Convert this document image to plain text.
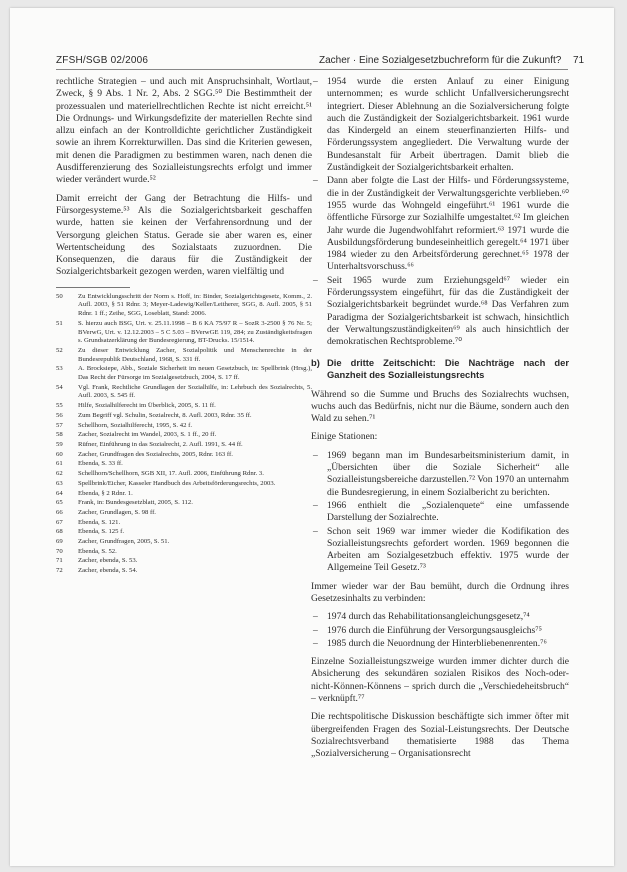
ZFSH/SGB 02/2006	Zacher · Eine Sozialgesetzbuchreform für die Zukunft? 71

rechtliche Strategien – und auch mit Anspruchsinhalt, Wortlaut, Zweck, § 9 Abs. 1 Nr. 2, Abs. 2 SGG.⁵⁰ Die Bestimmtheit der prozessualen und materiellrechtlichen Rechte ist nicht erreicht.⁵¹ Die Ordnungs- und Wirkungsdefizite der materiellen Rechte sind allzu einfach an der Kontrolldichte gerichtlicher Zuständigkeit sowie an ihrem Korrekturwillen. Das sind die Kriterien gewesen, mit denen die Paradigmen zu bestimmen waren, nach denen die Ausdifferenzierung des Sozialleistungsrechts erfolgt und immer wieder verändert wurde.⁵²

Damit erreicht der Gang der Betrachtung die Hilfs- und Fürsorgesysteme.⁵³ Als die Sozialgerichtsbarkeit geschaffen wurde, hatten sie keinen der Verfahrensordnung und der Versorgung gleichen Status. Gerade sie aber waren es, einer Wertentscheidung des Sozialstaats zuzuordnen. Die Konsequenzen, die daraus für die Zuständigkeit der Sozialgerichtsbarkeit gezogen werden, waren vielfältig und

50 Zu Entwicklungsschritt der Norm s. Hoff, in: Binder, Sozialgerichtsgesetz, Komm., 2. Aufl. 2003, § 51 Rdnr. 3; Meyer-Ladewig/Keller/Leitherer, SGG, 8. Aufl. 2005, § 51 Rdnr. 1 ff.; Zeihe, SGG, Loseblatt, Stand: 2006.
51 S. hierzu auch BSG, Urt. v. 25.11.1998 – B 6 KA 75/97 R – SozR 3-2500 § 76 Nr. 5; BVerwG, Urt. v. 12.12.2003 – 5 C 5.03 – BVerwGE 119, 284; zu Zuständigkeitsfragen s. Grundsatzerklärung der Bundesregierung, BT-Drucks. 15/1514.
52 Zu dieser Entwicklung Zacher, Sozialpolitik und Menschenrechte in der Bundesrepublik Deutschland, 1968, S. 331 ff.
53 A. Brocksiepe, Abb., Soziale Sicherheit im neuen Gesetzbuch, in: Spellbrink (Hrsg.), Das Recht der Fürsorge im Sozialgesetzbuch, 2004, S. 17 ff.
54 Vgl. Frank, Rechtliche Grundlagen der Sozialhilfe, in: Lehrbuch des Sozialrechts, 5. Aufl. 2003, S. 545 ff.
55 Hilfe, Sozialhilferecht im Überblick, 2005, S. 11 ff.
56 Zum Begriff vgl. Schulin, Sozialrecht, 8. Aufl. 2003, Rdnr. 35 ff.
57 Schellhorn, Sozialhilferecht, 1995, S. 42 f.
58 Zacher, Sozialrecht im Wandel, 2003, S. 1 ff., 20 ff.
59 Rüfner, Einführung in das Sozialrecht, 2. Aufl. 1991, S. 44 ff.
60 Zacher, Grundfragen des Sozialrechts, 2005, Rdnr. 163 ff.
61 Ebenda, S. 33 ff.
62 Schellhorn/Schellhorn, SGB XII, 17. Aufl. 2006, Einführung Rdnr. 3.
63 Spellbrink/Eicher, Kasseler Handbuch des Arbeitsförderungsrechts, 2003.
64 Ebenda, § 2 Rdnr. 1.
65 Frank, in: Bundesgesetzblatt, 2005, S. 112.
66 Zacher, Grundlagen, S. 98 ff.
67 Ebenda, S. 121.
68 Ebenda, S. 125 f.
69 Zacher, Grundfragen, 2005, S. 51.
70 Ebenda, S. 52.
71 Zacher, ebenda, S. 53.
72 Zacher, ebenda, S. 54.
– 1954 wurde die ersten Anlauf zu einer Einigung unternommen; es wurde schlicht Unfallversicherungsrecht integriert. Dieser Ablehnung an die Sozialversicherung folgte auch die Zuständigkeit der Sozialgerichtsbarkeit. 1961 wurde das Kindergeld an einem steuerfinanzierten Hilfs- und Förderungssystem angegliedert. Die Verwaltung wurde der Bundesanstalt für Arbeit übertragen. Damit blieb die Zuständigkeit der Sozialgerichtsbarkeit erhalten.
– Dann aber folgte die Last der Hilfs- und Förderungssysteme, die in der Zuständigkeit der Verwaltungsgerichte verblieben.⁶⁰ 1955 wurde das Wohngeld eingeführt.⁶¹ 1961 wurde die öffentliche Fürsorge zur Sozialhilfe umgestaltet.⁶² Im gleichen Jahr wurde die Jugendwohlfahrt reformiert.⁶³ 1971 wurde die Ausbildungsförderung bundeseinheitlich geregelt.⁶⁴ 1971 über 1984 wieder zu den Arbeitsförderung gerechnet.⁶⁵ 1978 der Unterhaltsvorschuss.⁶⁶
– Seit 1965 wurde zum Erziehungsgeld⁶⁷ wieder ein Förderungssystem eingeführt, für das die Zuständigkeit der Sozialgerichtsbarkeit begründet wurde.⁶⁸ Das Verfahren zum Paradigma der Sozialgerichtsbarkeit ist schwach, hinsichtlich der Verwaltungszuständigkeiten⁶⁹ als auch hinsichtlich der demokratischen Rechtsprobleme.⁷⁰
b) Die dritte Zeitschicht: Die Nachträge nach der Ganzheit des Sozialleistungsrechts

Während so die Summe und Bruchs des Sozialrechts wuchsen, wuchs auch das Bedürfnis, nicht nur die Bäume, sondern auch den Wald zu sehen.⁷¹

Einige Stationen:

– 1969 begann man im Bundesarbeitsministerium damit, in „Übersichten über die Soziale Sicherheit“ alle Sozialleistungsbereiche darzustellen.⁷² Von 1970 an unternahm die Bundesregierung, in einem Sozialbericht zu berichten.
– 1966 enthielt die „Sozialenquete“ eine umfassende Darstellung der Sozialrechte.
– Schon seit 1969 war immer wieder die Kodifikation des Sozialleistungsrechts gefordert worden. 1969 begonnen die Arbeiten am Sozialgesetzbuch effektiv. 1975 wurde der Allgemeine Teil Gesetz.⁷³

Immer wieder war der Bau bemüht, durch die Ordnung ihres Gesetzesinhalts zu verbinden:

– 1974 durch das Rehabilitationsangleichungsgesetz,⁷⁴
– 1976 durch die Einführung der Versorgungsausgleichs⁷⁵
– 1985 durch die Neuordnung der Hinterbliebenenrenten.⁷⁶

Einzelne Sozialleistungszweige wurden immer dichter durch die Absicherung des sekundären sozialen Risikos des Noch-oder-nicht-Können-Könnens – sprich durch die „Verschiedeheitsbruch“ – verknüpft.⁷⁷

Die rechtspolitische Diskussion beschäftigte sich immer öfter mit übergreifenden Fragen des Sozial-Leistungsrechts. Der Deutsche Sozialrechtsverband thematisierte 1988 das Thema „Sozialversicherung – Organisationsrecht
